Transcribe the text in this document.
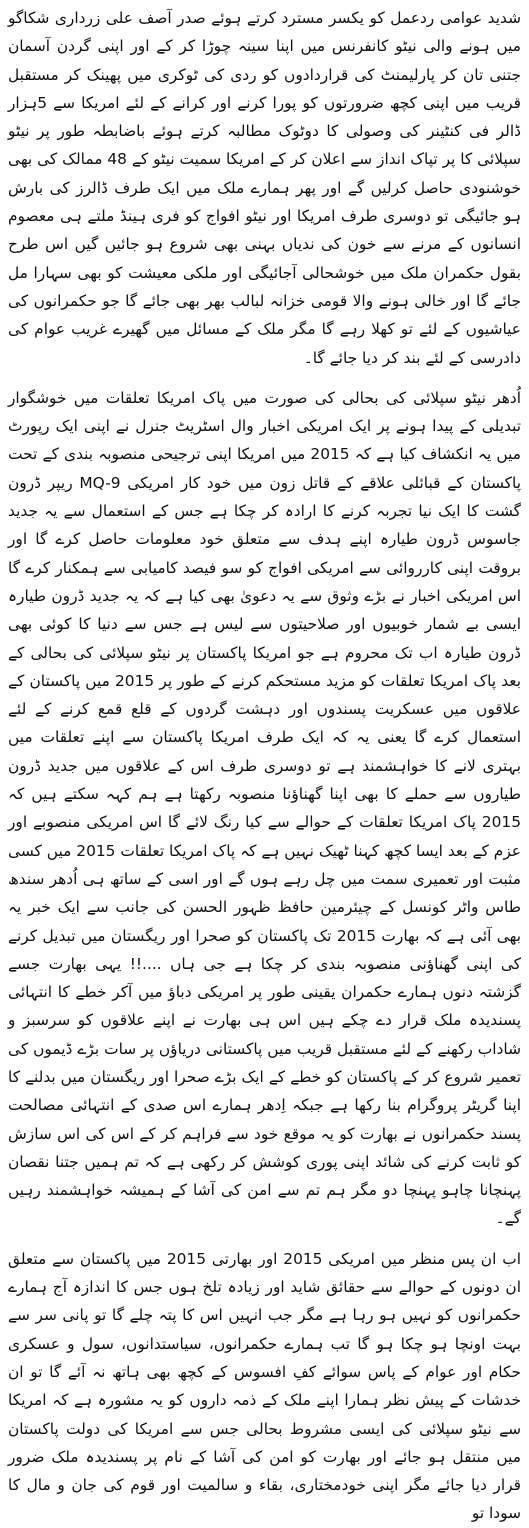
شدید عوامی ردعمل کو یکسر مسترد کرتے ہوئے صدر آصف علی زرداری شکاگو میں ہونے والی نیٹو کانفرنس میں اپنا سینہ چوڑا کر کے اور اپنی گردن آسمان جتنی تان کر پارلیمنٹ کی قراردادوں کو ردی کی ٹوکری میں پھینک کر مستقبل قریب میں اپنی کچھ ضرورتوں کو پورا کرنے اور کرانے کے لئے امریکا سے 5ہزار ڈالر فی کنٹینر کی وصولی کا دوٹوک مطالبہ کرتے ہوئے باضابطہ طور پر نیٹو سپلائی کا پر تپاک انداز سے اعلان کر کے امریکا سمیت نیٹو کے 48 ممالک کی بھی خوشنودی حاصل کرلیں گے اور پھر ہمارے ملک میں ایک طرف ڈالرز کی بارش ہو جائیگی تو دوسری طرف امریکا اور نیٹو افواج کو فری ہینڈ ملتے ہی معصوم انسانوں کے مرنے سے خون کی ندیاں بہنی بھی شروع ہو جائیں گیں اس طرح بقول حکمران ملک میں خوشحالی آجائیگی اور ملکی معیشت کو بھی سہارا مل جائے گا اور خالی ہونے والا قومی خزانہ لبالب بھر بھی جائے گا جو حکمرانوں کی عیاشیوں کے لئے تو کھلا رہے گا مگر ملک کے مسائل میں گھیرے غریب عوام کی دادرسی کے لئے بند کر دیا جائے گا۔

اُدھر نیٹو سپلائی کی بحالی کی صورت میں پاک امریکا تعلقات میں خوشگوار تبدیلی کے پیدا ہونے پر ایک امریکی اخبار وال اسٹریٹ جنرل نے اپنی ایک رپورٹ میں یہ انکشاف کیا ہے کہ 2015 میں امریکا اپنی ترجیحی منصوبہ بندی کے تحت پاکستان کے قبائلی علاقے کے قاتل زون میں خود کار امریکی MQ-9 ریپر ڈرون گشت کا ایک نیا تجربہ کرنے کا ارادہ کر چکا ہے جس کے استعمال سے یہ جدید جاسوس ڈرون طیارہ اپنے ہدف سے متعلق خود معلومات حاصل کرے گا اور بروقت اپنی کارروائی سے امریکی افواج کو سو فیصد کامیابی سے ہمکنار کرے گا اس امریکی اخبار نے بڑے وثوق سے یہ دعویٰ بھی کیا ہے کہ یہ جدید ڈرون طیارہ ایسی بے شمار خوبیوں اور صلاحیتوں سے لیس ہے جس سے دنیا کا کوئی بھی ڈرون طیارہ اب تک محروم ہے جو امریکا پاکستان پر نیٹو سپلائی کی بحالی کے بعد پاک امریکا تعلقات کو مزید مستحکم کرنے کے طور پر 2015 میں پاکستان کے علاقوں میں عسکریت پسندوں اور دہشت گردوں کے قلع قمع کرنے کے لئے استعمال کرے گا یعنی یہ کہ ایک طرف امریکا پاکستان سے اپنے تعلقات میں بہتری لانے کا خواہشمند ہے تو دوسری طرف اس کے علاقوں میں جدید ڈرون طیاروں سے حملے کا بھی اپنا گھناؤنا منصوبہ رکھتا ہے ہم کہہ سکتے ہیں کہ 2015 پاک امریکا تعلقات کے حوالے سے کیا رنگ لائے گا اس امریکی منصوبے اور عزم کے بعد ایسا کچھ کہنا ٹھیک نہیں ہے کہ پاک امریکا تعلقات 2015 میں کسی مثبت اور تعمیری سمت میں چل رہے ہوں گے اور اسی کے ساتھ ہی اُدھر سندھ طاس واٹر کونسل کے چیئرمین حافظ ظہور الحسن کی جانب سے ایک خبر یہ بھی آئی ہے کہ بھارت 2015 تک پاکستان کو صحرا اور ریگستان میں تبدیل کرنے کی اپنی گھناؤنی منصوبہ بندی کر چکا ہے جی ہاں ....!! یہی بھارت جسے گزشتہ دنوں ہمارے حکمران یقینی طور پر امریکی دباؤ میں آکر خطے کا انتہائی پسندیدہ ملک قرار دے چکے ہیں اس ہی بھارت نے اپنے علاقوں کو سرسبز و شاداب رکھنے کے لئے مستقبل قریب میں پاکستانی دریاؤں پر سات بڑے ڈیموں کی تعمیر شروع کر کے پاکستان کو خطے کے ایک بڑے صحرا اور ریگستان میں بدلنے کا اپنا گریٹر پروگرام بنا رکھا ہے جبکہ اِدھر ہمارے اس صدی کے انتہائی مصالحت پسند حکمرانوں نے بھارت کو یہ موقع خود سے فراہم کر کے اس کی اس سازش کو ثابت کرنے کی شائد اپنی پوری کوشش کر رکھی ہے کہ تم ہمیں جتنا نقصان پہنچانا چاہو پہنچا دو مگر ہم تم سے امن کی آشا کے ہمیشہ خواہشمند رہیں گے۔

اب ان پس منظر میں امریکی 2015 اور بھارتی 2015 میں پاکستان سے متعلق ان دونوں کے حوالے سے حقائق شاید اور زیادہ تلخ ہوں جس کا اندازہ آج ہمارے حکمرانوں کو نہیں ہو رہا ہے مگر جب انہیں اس کا پتہ چلے گا تو پانی سر سے بہت اونچا ہو چکا ہو گا تب ہمارے حکمرانوں، سیاستدانوں، سول و عسکری حکام اور عوام کے پاس سوائے کفِ افسوس کے کچھ بھی ہاتھ نہ آئے گا تو ان خدشات کے پیش نظر ہمارا اپنے ملک کے ذمہ داروں کو یہ مشورہ ہے کہ امریکا سے نیٹو سپلائی کی ایسی مشروط بحالی جس سے امریکا کی دولت پاکستان میں منتقل ہو جائے اور بھارت کو امن کی آشا کے نام پر پسندیدہ ملک ضرور قرار دیا جائے مگر اپنی خودمختاری، بقاء و سالمیت اور قوم کی جان و مال کا سودا تو
